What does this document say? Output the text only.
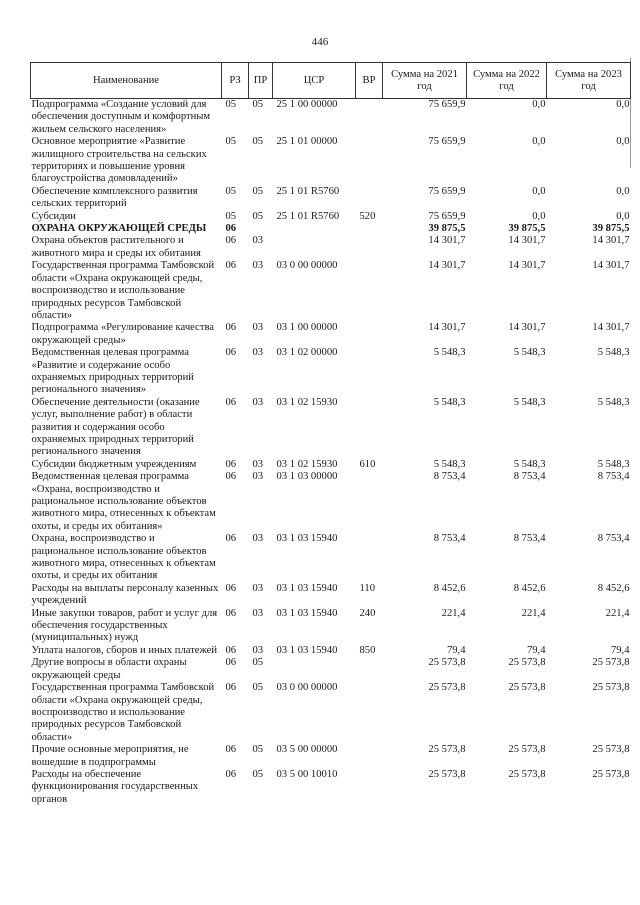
446
Наименование	РЗ	ПР	ЦСР	ВР	Сумма на 2021 год	Сумма на 2022 год	Сумма на 2023 год
Подпрограмма «Создание условий для обеспечения доступным и комфортным жильем сельского населения»	05	05	25 1 00 00000		75 659,9	0,0	0,0
Основное мероприятие «Развитие жилищного строительства на сельских территориях и повышение уровня благоустройства домовладений»	05	05	25 1 01 00000		75 659,9	0,0	0,0
Обеспечение комплексного развития сельских территорий	05	05	25 1 01 R5760		75 659,9	0,0	0,0
Субсидии	05	05	25 1 01 R5760	520	75 659,9	0,0	0,0
ОХРАНА ОКРУЖАЮЩЕЙ СРЕДЫ	06				39 875,5	39 875,5	39 875,5
Охрана объектов растительного и животного мира и среды их обитания	06	03			14 301,7	14 301,7	14 301,7
Государственная программа Тамбовской области «Охрана окружающей среды, воспроизводство и использование природных ресурсов Тамбовской области»	06	03	03 0 00 00000		14 301,7	14 301,7	14 301,7
Подпрограмма «Регулирование качества окружающей среды»	06	03	03 1 00 00000		14 301,7	14 301,7	14 301,7
Ведомственная целевая программа «Развитие и содержание особо охраняемых природных территорий регионального значения»	06	03	03 1 02 00000		5 548,3	5 548,3	5 548,3
Обеспечение деятельности (оказание услуг, выполнение работ) в области развития и содержания особо охраняемых природных территорий регионального значения	06	03	03 1 02 15930		5 548,3	5 548,3	5 548,3
Субсидии бюджетным учреждениям	06	03	03 1 02 15930	610	5 548,3	5 548,3	5 548,3
Ведомственная целевая программа «Охрана, воспроизводство и рациональное использование объектов животного мира, отнесенных к объектам охоты, и среды их обитания»	06	03	03 1 03 00000		8 753,4	8 753,4	8 753,4
Охрана, воспроизводство и рациональное использование объектов животного мира, отнесенных к объектам охоты, и среды их обитания	06	03	03 1 03 15940		8 753,4	8 753,4	8 753,4
Расходы на выплаты персоналу казенных учреждений	06	03	03 1 03 15940	110	8 452,6	8 452,6	8 452,6
Иные закупки товаров, работ и услуг для обеспечения государственных (муниципальных) нужд	06	03	03 1 03 15940	240	221,4	221,4	221,4
Уплата налогов, сборов и иных платежей	06	03	03 1 03 15940	850	79,4	79,4	79,4
Другие вопросы в области охраны окружающей среды	06	05			25 573,8	25 573,8	25 573,8
Государственная программа Тамбовской области «Охрана окружающей среды, воспроизводство и использование природных ресурсов Тамбовской области»	06	05	03 0 00 00000		25 573,8	25 573,8	25 573,8
Прочие основные мероприятия, не вошедшие в подпрограммы	06	05	03 5 00 00000		25 573,8	25 573,8	25 573,8
Расходы на обеспечение функционирования государственных органов	06	05	03 5 00 10010		25 573,8	25 573,8	25 573,8
